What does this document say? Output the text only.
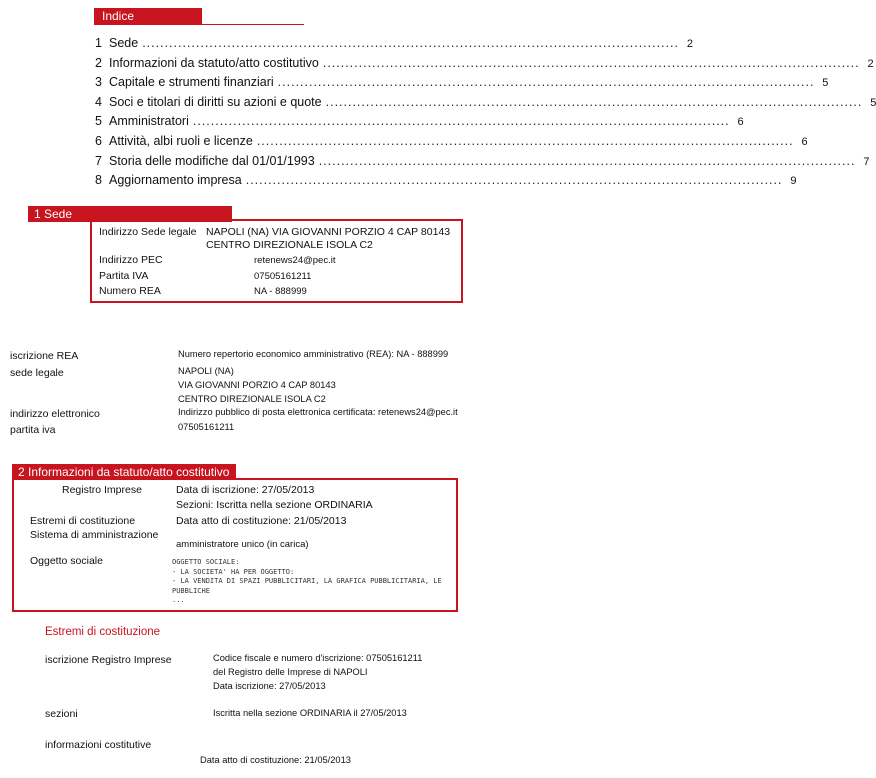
Indice
1 Sede ........................................................................................................................ 2
2 Informazioni da statuto/atto costitutivo ........................................................................................................................ 2
3 Capitale e strumenti finanziari ........................................................................................................................ 5
4 Soci e titolari di diritti su azioni e quote ........................................................................................................................ 5
5 Amministratori ........................................................................................................................ 6
6 Attività, albi ruoli e licenze ........................................................................................................................ 6
7 Storia delle modifiche dal 01/01/1993 ........................................................................................................................ 7
8 Aggiornamento impresa ........................................................................................................................ 9
1 Sede
Indirizzo Sede legale NAPOLI (NA) VIA GIOVANNI PORZIO 4 CAP 80143
CENTRO DIREZIONALE ISOLA C2
Indirizzo PEC	retenews24@pec.it
Partita IVA	07505161211
Numero REA	NA - 888999
iscrizione REA	Numero repertorio economico amministrativo (REA): NA - 888999
sede legale	NAPOLI (NA)
VIA GIOVANNI PORZIO 4 CAP 80143
CENTRO DIREZIONALE ISOLA C2
indirizzo elettronico	Indirizzo pubblico di posta elettronica certificata: retenews24@pec.it
partita iva	07505161211
2 Informazioni da statuto/atto costitutivo
Registro Imprese	Data di iscrizione: 27/05/2013
Sezioni: Iscritta nella sezione ORDINARIA
Estremi di costituzione	Data atto di costituzione: 21/05/2013
Sistema di amministrazione
amministratore unico (in carica)
Oggetto sociale	OGGETTO SOCIALE:
- LA SOCIETA' HA PER OGGETTO:
- LA VENDITA DI SPAZI PUBBLICITARI, LA GRAFICA PUBBLICITARIA, LE
PUBBLICHE
...
Estremi di costituzione
iscrizione Registro Imprese	Codice fiscale e numero d'iscrizione: 07505161211
del Registro delle Imprese di NAPOLI
Data iscrizione: 27/05/2013
sezioni	Iscritta nella sezione ORDINARIA il 27/05/2013
informazioni costitutive
Data atto di costituzione: 21/05/2013
